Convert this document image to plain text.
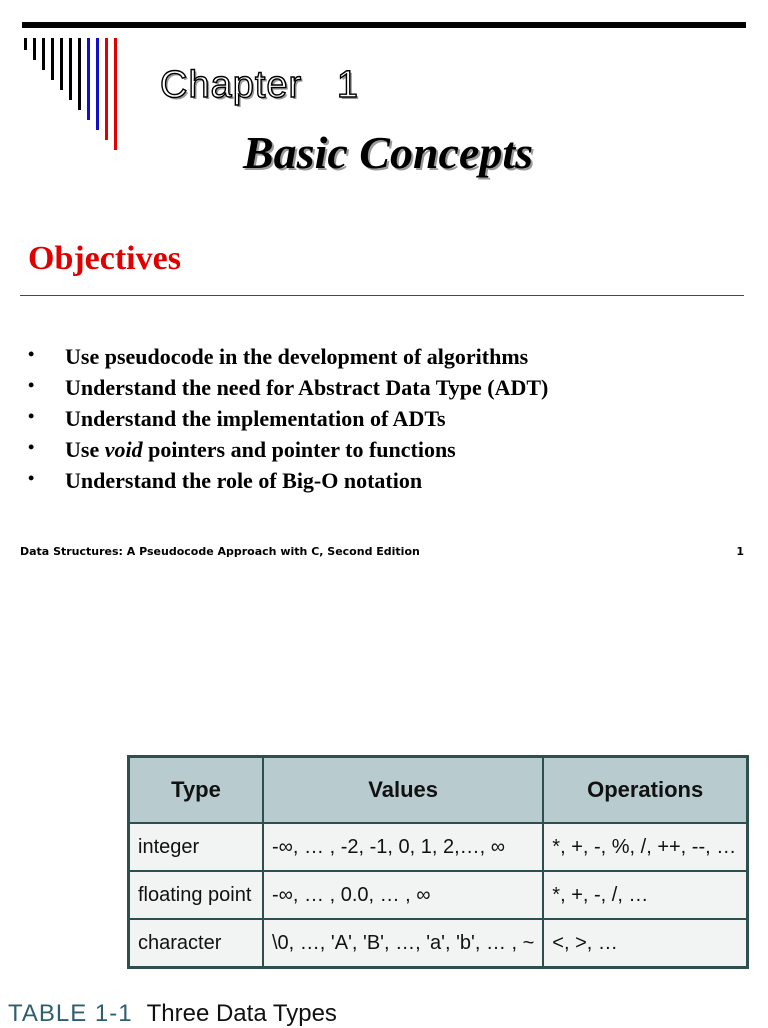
Chapter   1
Basic Concepts
Objectives
• Use pseudocode in the development of algorithms
• Understand the need for Abstract Data Type (ADT)
• Understand the implementation of ADTs
• Use void pointers and pointer to functions
• Understand the role of Big-O notation
Data Structures: A Pseudocode Approach with C, Second Edition	1
Type	Values	Operations
integer	-∞, … , -2, -1, 0, 1, 2,…, ∞	*, +, -, %, /, ++, --, …
floating point	-∞, … , 0.0, … , ∞	*, +, -, /, …
character	\0, …, 'A', 'B', …, 'a', 'b', … , ~	<, >, …
TABLE 1-1 Three Data Types
